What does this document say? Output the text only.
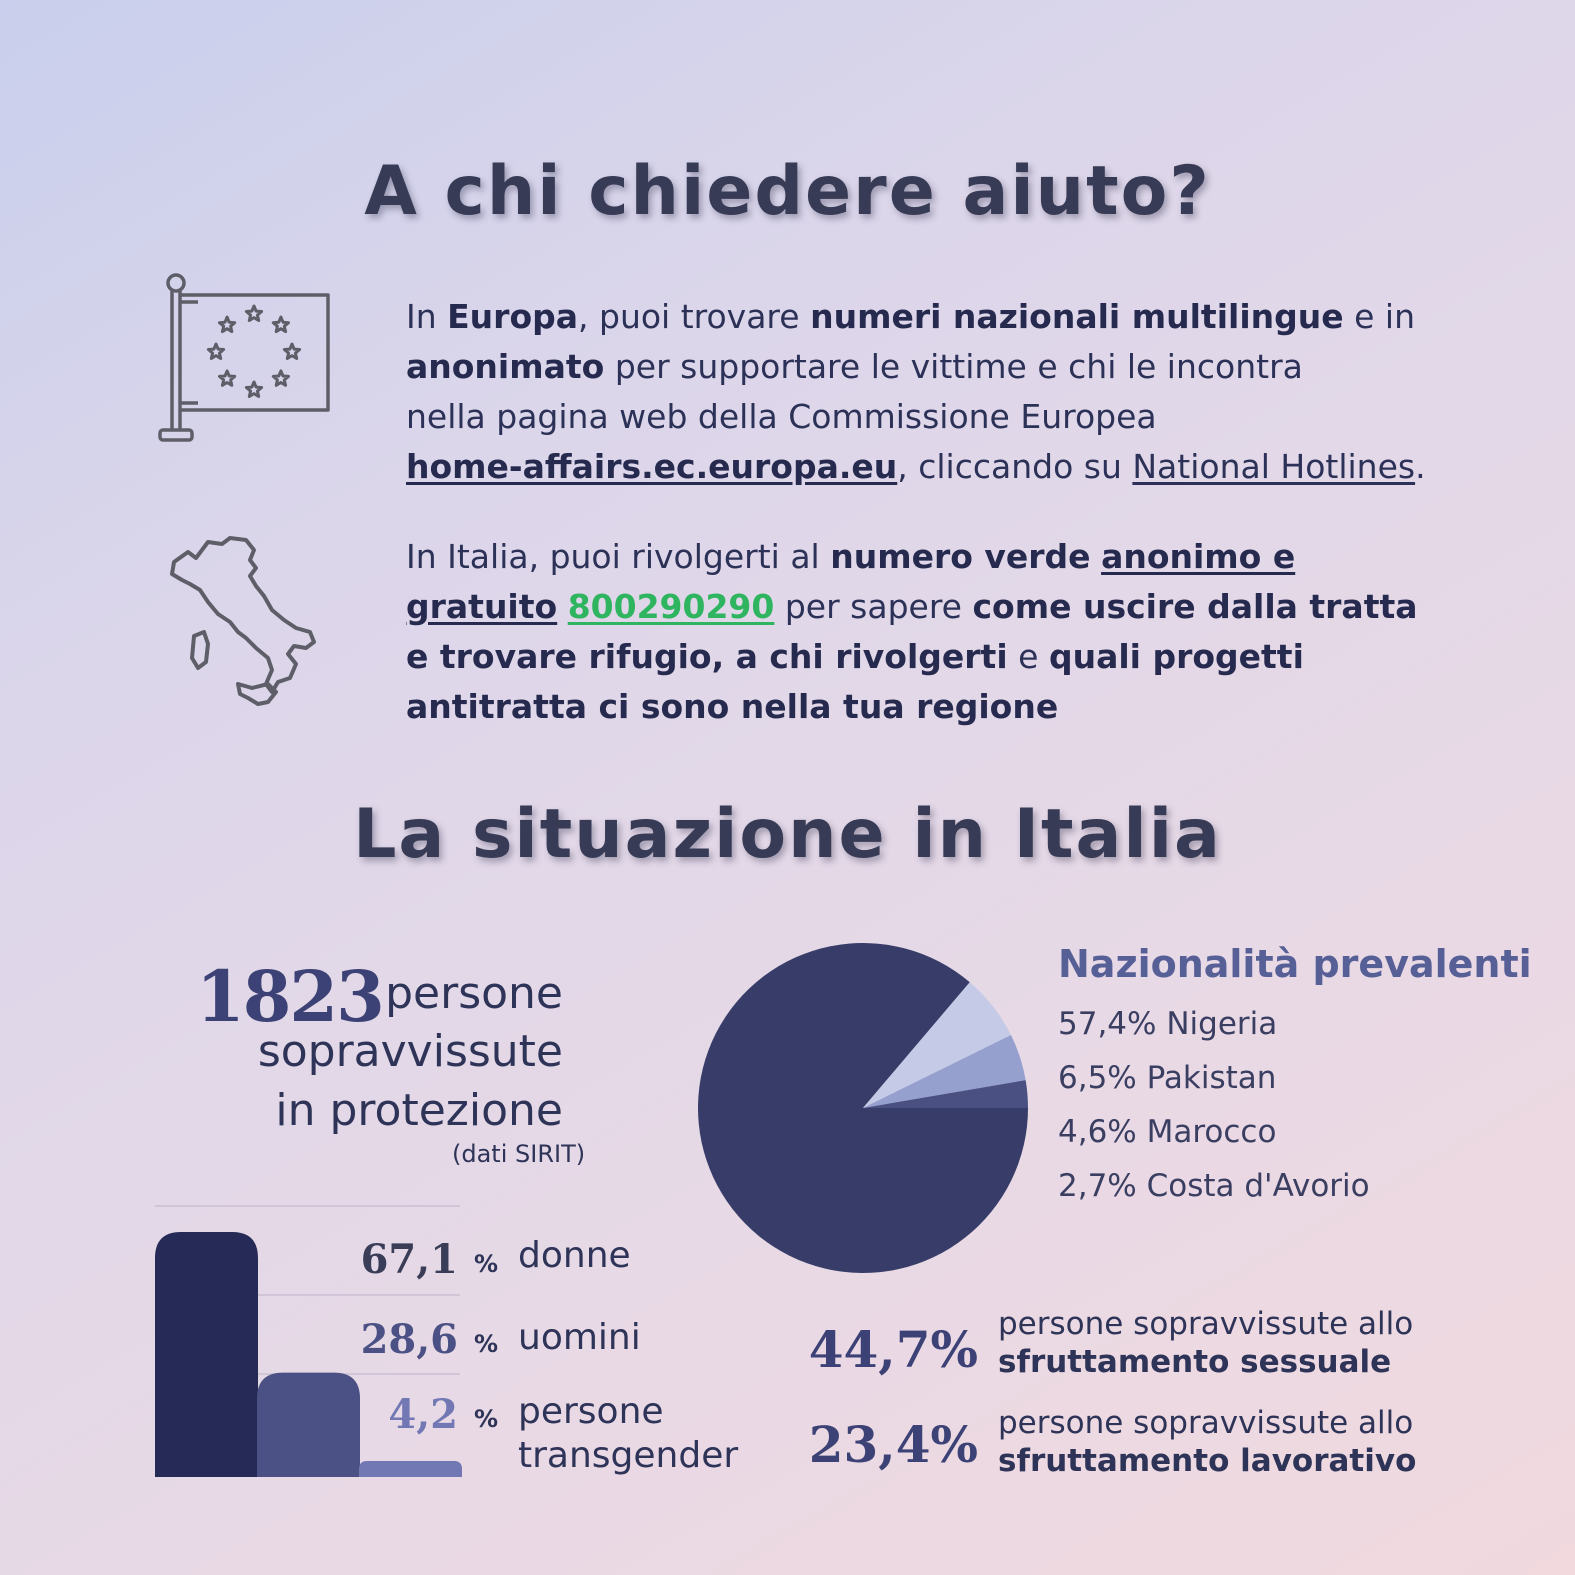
A chi chiedere aiuto?
In Europa, puoi trovare numeri nazionali multilingue e in
anonimato per supportare le vittime e chi le incontra
nella pagina web della Commissione Europea
home-affairs.ec.europa.eu, cliccando su National Hotlines.
In Italia, puoi rivolgerti al numero verde anonimo e
gratuito 800290290 per sapere come uscire dalla tratta
e trovare rifugio, a chi rivolgerti e quali progetti
antitratta ci sono nella tua regione
La situazione in Italia
1823 persone
sopravvissute
in protezione
(dati SIRIT)
67,1
28,6
4,2
%
%
%
donne
uomini
persone
transgender
Nazionalità prevalenti
57,4% Nigeria
6,5% Pakistan
4,6% Marocco
2,7% Costa d'Avorio
44,7% persone sopravvissute allo
sfruttamento sessuale
23,4% persone sopravvissute allo
sfruttamento lavorativo
